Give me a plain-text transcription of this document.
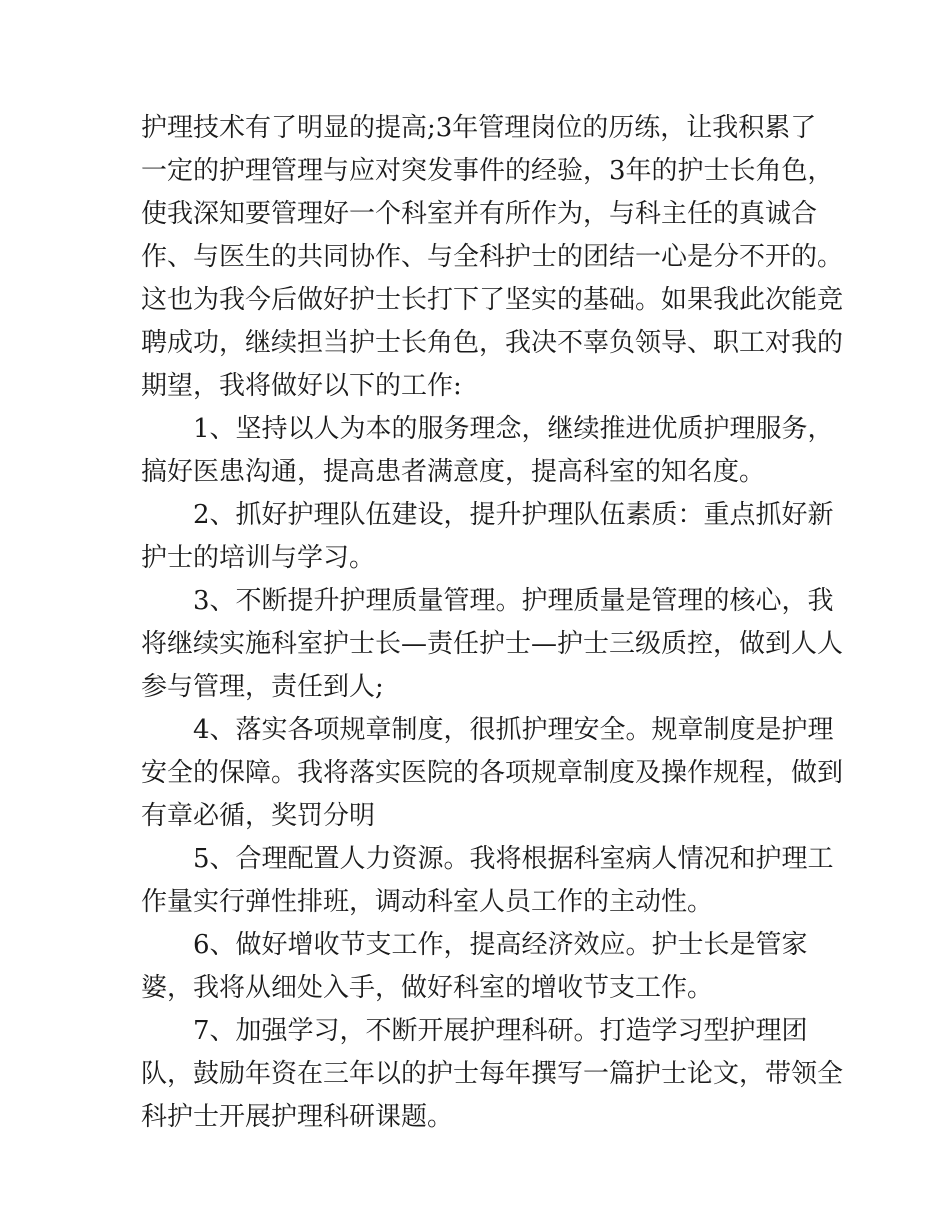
护理技术有了明显的提高;3年管理岗位的历练，让我积累了
一定的护理管理与应对突发事件的经验，3年的护士长角色，
使我深知要管理好一个科室并有所作为，与科主任的真诚合
作、与医生的共同协作、与全科护士的团结一心是分不开的。
这也为我今后做好护士长打下了坚实的基础。如果我此次能竞
聘成功，继续担当护士长角色，我决不辜负领导、职工对我的
期望，我将做好以下的工作:
1、坚持以人为本的服务理念，继续推进优质护理服务，
搞好医患沟通，提高患者满意度，提高科室的知名度。
2、抓好护理队伍建设，提升护理队伍素质：重点抓好新
护士的培训与学习。
3、不断提升护理质量管理。护理质量是管理的核心，我
将继续实施科室护士长—责任护士—护士三级质控，做到人人
参与管理，责任到人;
4、落实各项规章制度，很抓护理安全。规章制度是护理
安全的保障。我将落实医院的各项规章制度及操作规程，做到
有章必循，奖罚分明
5、合理配置人力资源。我将根据科室病人情况和护理工
作量实行弹性排班，调动科室人员工作的主动性。
6、做好增收节支工作，提高经济效应。护士长是管家
婆，我将从细处入手，做好科室的增收节支工作。
7、加强学习，不断开展护理科研。打造学习型护理团
队，鼓励年资在三年以的护士每年撰写一篇护士论文，带领全
科护士开展护理科研课题。
